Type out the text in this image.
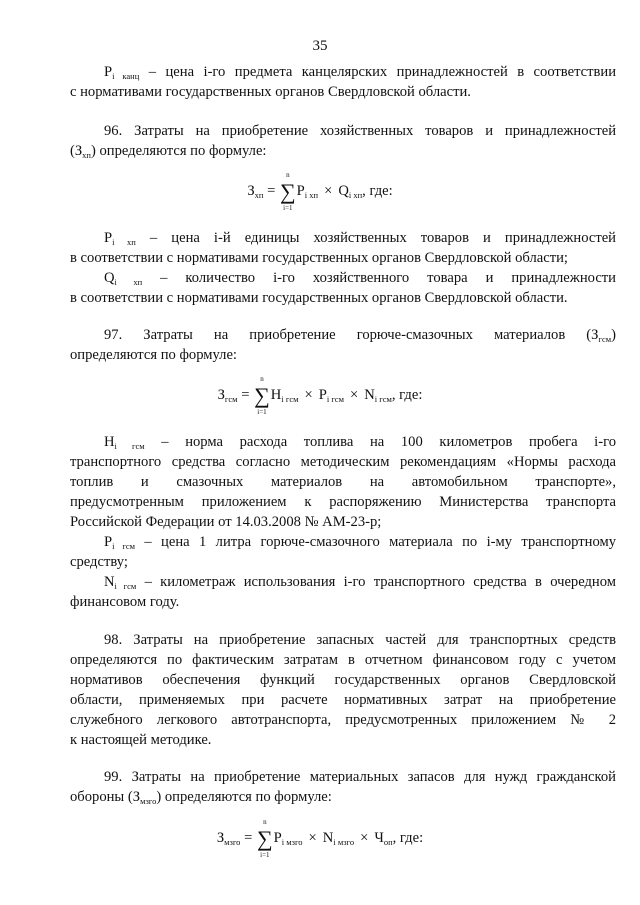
35
$P_{i канц}$ – цена i-го предмета канцелярских принадлежностей в соответствии
с нормативами государственных органов Свердловской области.
96. Затраты на приобретение хозяйственных товаров и принадлежностей
$(З_{хп})$ определяются по формуле:
$З_{хп}$ = ∑
n
i=1
$P_{i хп} \times Q_{i хп}$, где:
$P_{i хп}$ – цена i-й единицы хозяйственных товаров и принадлежностей
в соответствии с нормативами государственных органов Свердловской области;
$Q_{i хп}$ – количество i-го хозяйственного товара и принадлежности
в соответствии с нормативами государственных органов Свердловской области.
97. Затраты на приобретение горюче-смазочных материалов $(З_{гсм})$
определяются по формуле:
$З_{гсм}$ = ∑
n
i=1
$Н_{i гсм} \times P_{i гсм} \times N_{i гсм}$, где:
$Н_{i гсм}$ – норма расхода топлива на 100 километров пробега i-го
транспортного средства согласно методическим рекомендациям «Нормы расхода
топлив и смазочных материалов на автомобильном транспорте»,
предусмотренным приложением к распоряжению Министерства транспорта
Российской Федерации от 14.03.2008 № АМ-23-р;
$P_{i гсм}$ – цена 1 литра горюче-смазочного материала по i-му транспортному
средству;
$N_{i гсм}$ – километраж использования i-го транспортного средства в очередном
финансовом году.
98. Затраты на приобретение запасных частей для транспортных средств
определяются по фактическим затратам в отчетном финансовом году с учетом
нормативов обеспечения функций государственных органов Свердловской
области, применяемых при расчете нормативных затрат на приобретение
служебного легкового автотранспорта, предусмотренных приложением № 2
к настоящей методике.
99. Затраты на приобретение материальных запасов для нужд гражданской
обороны $(З_{мзго})$ определяются по формуле:
$З_{мзго}$ = ∑
n
i=1
$P_{i мзго} \times N_{i мзго} \times Ч_{оп}$, где:
